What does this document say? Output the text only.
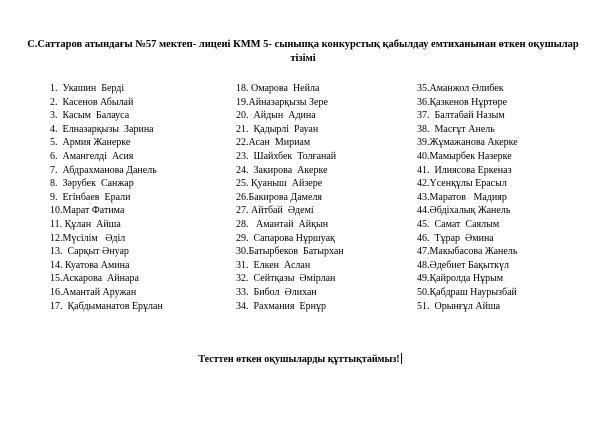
С.Саттаров атындағы №57 мектеп- лицеиі КММ 5- сыныпқа конкурстық қабылдау емтиханынан өткен оқушылар тізімі
1.  Укашин  Берді
2.  Касенов Абылай
3.  Касым  Балауса
4.  Елназарқызы  Зарина
5.  Армия Жанерке
6.  Амангелді  Асия
7.  Абдрахманова Данель
8.  Зәрубек  Санжар
9.  Егінбаев  Ерали
10.Марат Фатима
11. Құлан  Айша
12.Мүсілім   Әділ
13.  Сарқыт Әнуар
14. Куатова Амина
15.Аскарова  Айнара
16.Амантай Аружан
17.  Қабдыманатов Ерұлан
18. Омарова  Нейла
19.Айназарқызы Зере
20.  Айдын  Адина
21.  Қадырлі  Рауан
22.Асан  Мириам
23.  Шайхбек  Толғанай
24.  Закирова  Акерке
25. Қуаныш  Айзере
26.Бакирова Дамеля
27. Айтбай  Әдемі
28.   Амантай  Айқын
29.  Сапарова Нұршуақ
30.Батырбеков  Батырхан
31.  Елкен  Аслан
32.  Сейтқазы  Әмірлан
33.  Бибол  Әлихан
34.  Рахмания  Ернұр
35.Аманжол Әлибек
36.Қазкенов Нұртөре
37.  Балтабай Назым
38.  Масғұт Анель
39.Жұмажанова Акерке
40.Мамырбек Назерке
41.  Илиясова Еркеназ
42.Үсенқұлы Ерасыл
43.Маратов   Мадияр
44.Әбдіхалық Жанель
45.  Самат  Саялым
46.  Тұрар  Әмина
47.Макыбасова Жанель
48.Әдебиет Бақыткүл
49.Қайролда Нұрым
50.Қабдраш Наурызбай
51.  Орынғұл Айша
Тесттен өткен оқушыларды құттықтаймыз!
